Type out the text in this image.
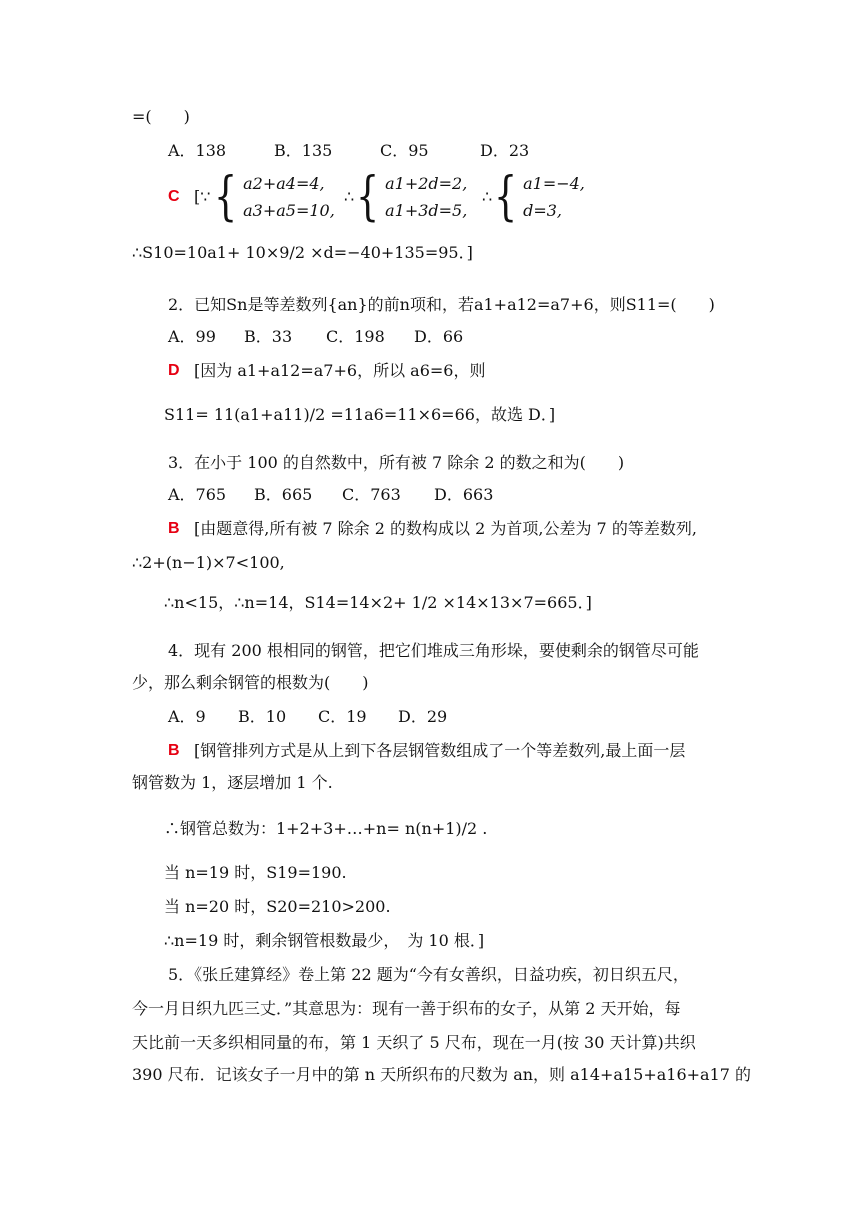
=(　　)
A．138	B．135	C．95	D．23
C [∵ { a2+a4=4,
a3+a5=10,
∴ { a1+2d=2,
a1+3d=5,
∴ { a1=−4,
d=3,
∴S10=10a1+ 10×9/2 ×d=−40+135=95．]
2．已知Sn是等差数列{an}的前n项和，若a1+a12=a7+6，则S11=(　　)
A．99 B．33 C．198 D．66
D [因为 a1+a12=a7+6，所以 a6=6，则
S11= 11(a1+a11)/2 =11a6=11×6=66，故选 D．]
3．在小于 100 的自然数中，所有被 7 除余 2 的数之和为(　　)
A．765 B．665 C．763 D．663
B [由题意得,所有被 7 除余 2 的数构成以 2 为首项,公差为 7 的等差数列,
∴2+(n−1)×7<100,
∴n<15，∴n=14，S14=14×2+ 1/2 ×14×13×7=665．]
4．现有 200 根相同的钢管，把它们堆成三角形垛，要使剩余的钢管尽可能
少，那么剩余钢管的根数为(　　)
A．9 B．10 C．19 D．29
B [钢管排列方式是从上到下各层钢管数组成了一个等差数列,最上面一层
钢管数为 1，逐层增加 1 个.
∴钢管总数为：1+2+3+…+n= n(n+1)/2 .
当 n=19 时，S19=190.
当 n=20 时，S20=210>200.
∴n=19 时，剩余钢管根数最少，　为 10 根．]
5．《张丘建算经》卷上第 22 题为“今有女善织，日益功疾，初日织五尺，
今一月日织九匹三丈．”其意思为：现有一善于织布的女子，从第 2 天开始，每
天比前一天多织相同量的布，第 1 天织了 5 尺布，现在一月(按 30 天计算)共织
390 尺布．记该女子一月中的第 n 天所织布的尺数为 an，则 a14+a15+a16+a17 的
